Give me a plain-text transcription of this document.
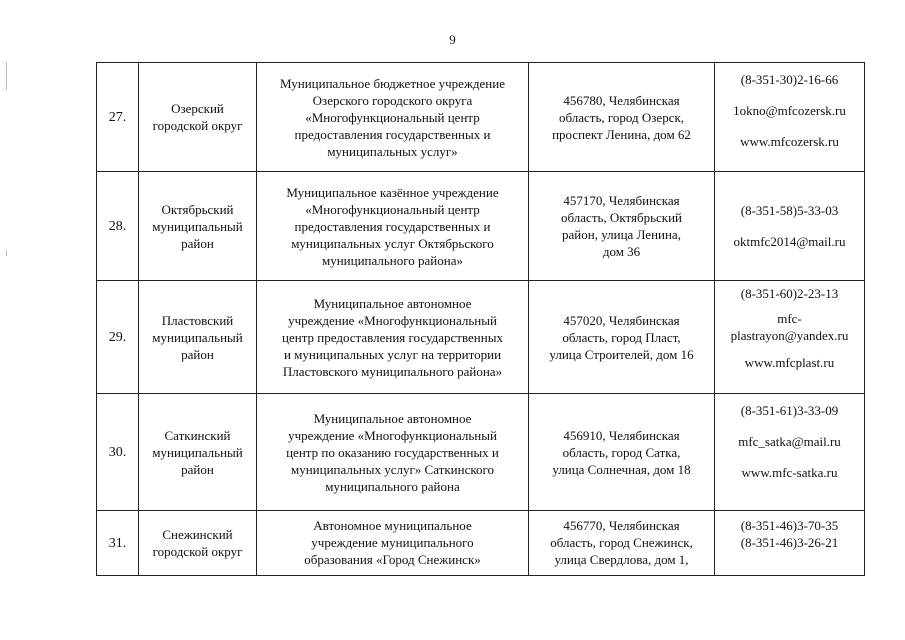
9
27.	Озерский
городской округ	Муниципальное бюджетное учреждение
Озерского городского округа
«Многофункциональный центр
предоставления государственных и
муниципальных услуг»	456780, Челябинская
область, город Озерск,
проспект Ленина, дом 62	(8-351-30)2-16-66
1okno@mfcozersk.ru
www.mfcozersk.ru

28.	Октябрьский
муниципальный
район	Муниципальное казённое учреждение
«Многофункциональный центр
предоставления государственных и
муниципальных услуг Октябрьского
муниципального района»	457170, Челябинская
область, Октябрьский
район, улица Ленина,
дом 36	(8-351-58)5-33-03
oktmfc2014@mail.ru

29.	Пластовский
муниципальный
район	Муниципальное автономное
учреждение «Многофункциональный
центр предоставления государственных
и муниципальных услуг на территории
Пластовского муниципального района»	457020, Челябинская
область, город Пласт,
улица Строителей, дом 16	(8-351-60)2-23-13
mfc-
plastrayon@yandex.ru
www.mfcplast.ru

30.	Саткинский
муниципальный
район	Муниципальное автономное
учреждение «Многофункциональный
центр по оказанию государственных и
муниципальных услуг» Саткинского
муниципального района	456910, Челябинская
область, город Сатка,
улица Солнечная, дом 18	(8-351-61)3-33-09
mfc_satka@mail.ru
www.mfc-satka.ru

31.	Снежинский
городской округ	Автономное муниципальное
учреждение муниципального
образования «Город Снежинск»	456770, Челябинская
область, город Снежинск,
улица Свердлова, дом 1,	(8-351-46)3-70-35
(8-351-46)3-26-21
